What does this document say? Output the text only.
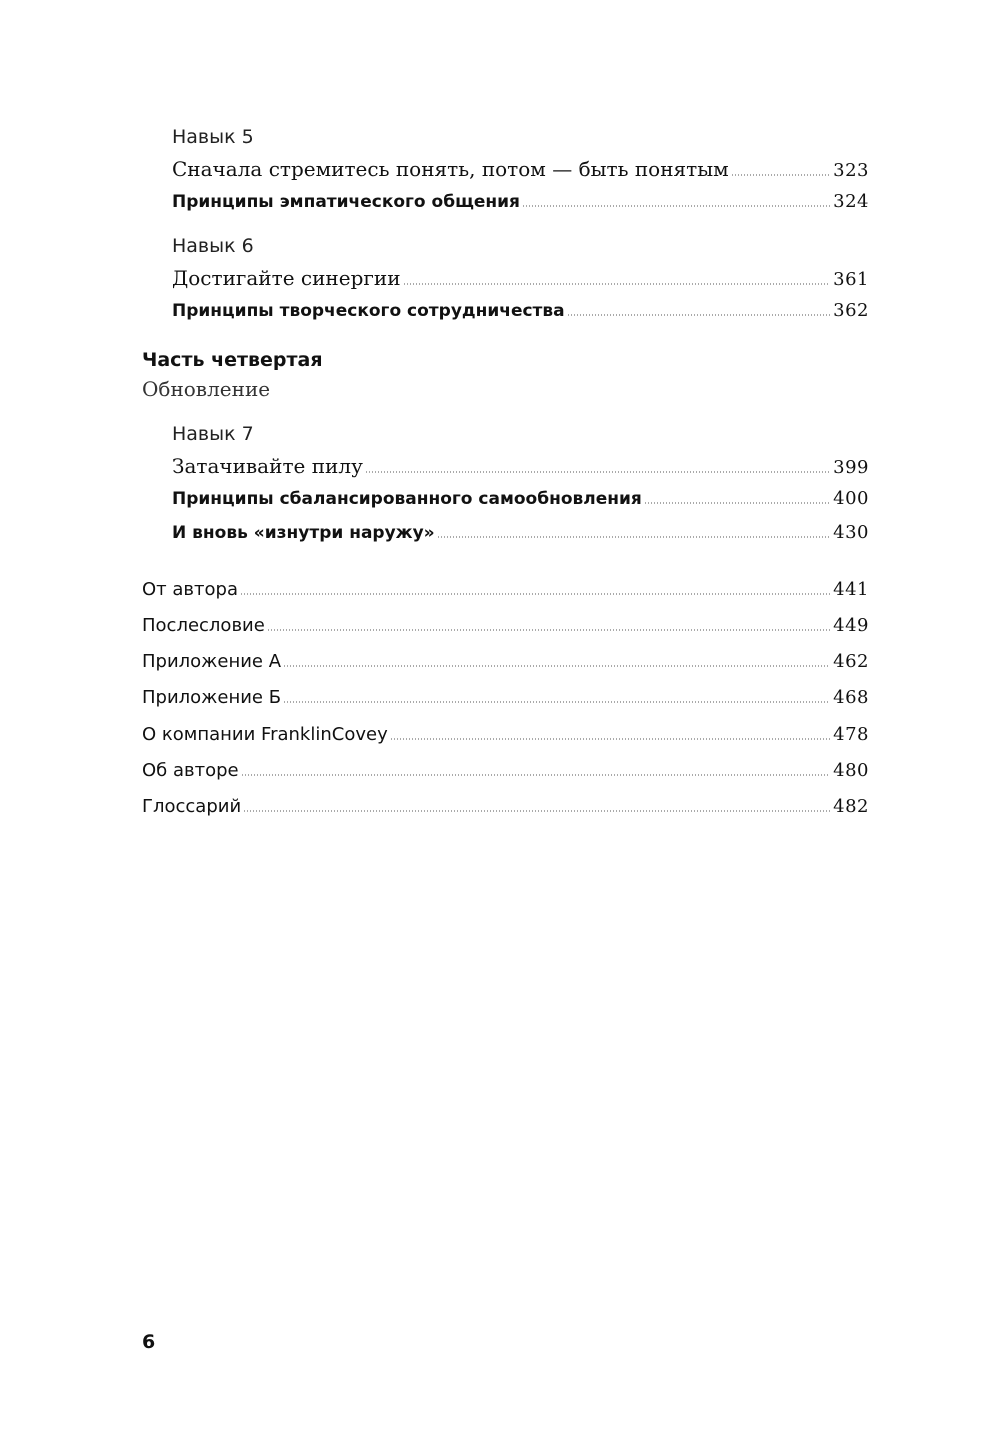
Навык 5
Сначала стремитесь понять, потом — быть понятым	323
Принципы эмпатического общения	324
Навык 6
Достигайте синергии	361
Принципы творческого сотрудничества	362
Часть четвертая
Обновление
Навык 7
Затачивайте пилу	399
Принципы сбалансированного самообновления	400
И вновь «изнутри наружу»	430
От автора	441
Послесловие	449
Приложение А	462
Приложение Б	468
О компании FranklinCovey	478
Об авторе	480
Глоссарий	482
6
